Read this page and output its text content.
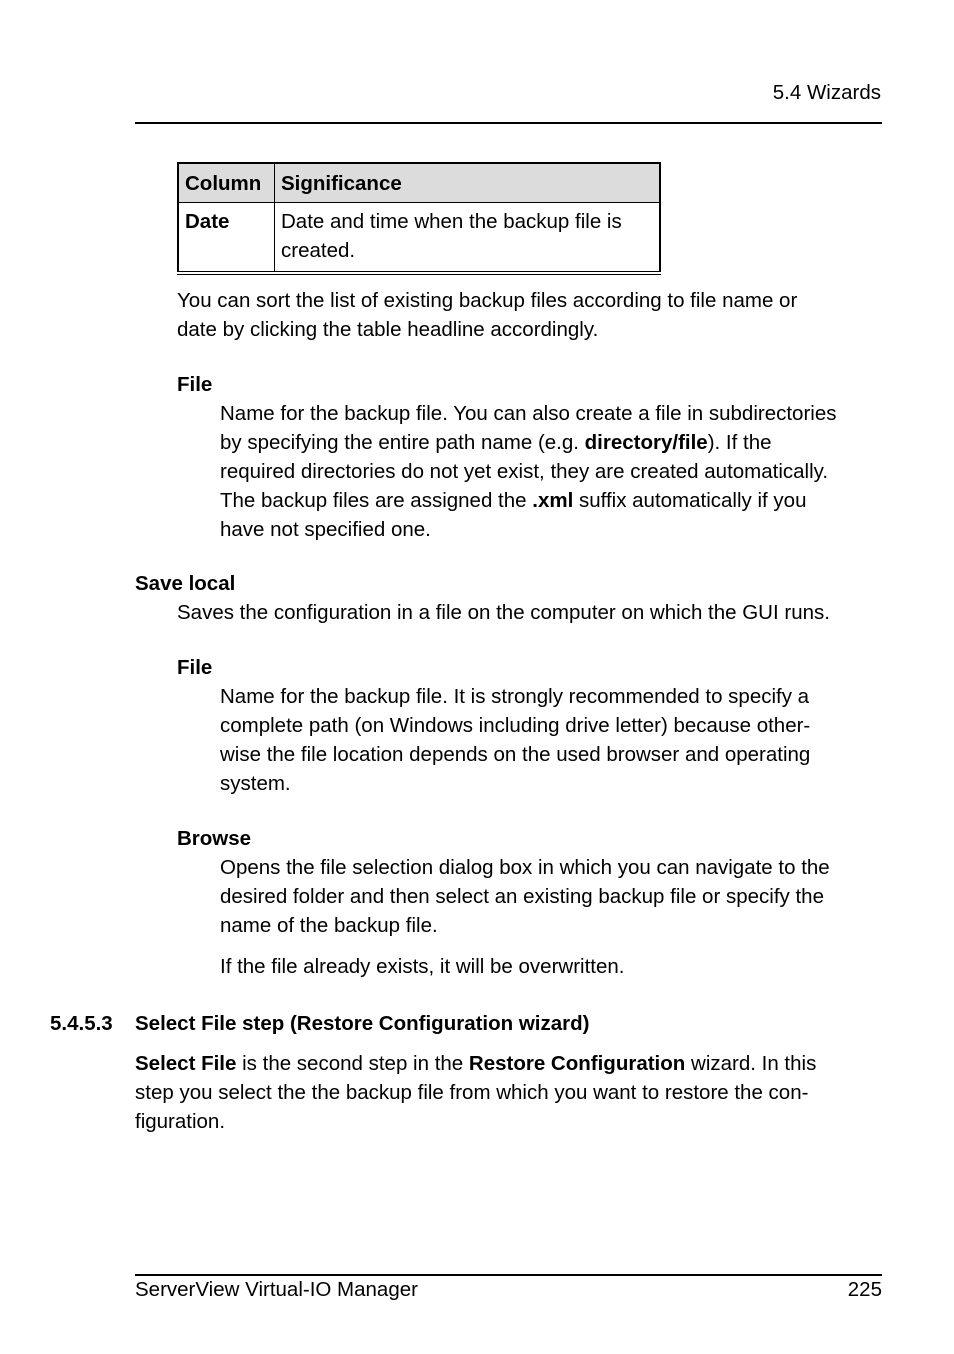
5.4 Wizards
Column	Significance
Date	Date and time when the backup file is
created.
You can sort the list of existing backup files according to file name or
date by clicking the table headline accordingly.
File
Name for the backup file. You can also create a file in subdirectories
by specifying the entire path name (e.g. directory/file). If the
required directories do not yet exist, they are created automatically.
The backup files are assigned the .xml suffix automatically if you
have not specified one.
Save local
Saves the configuration in a file on the computer on which the GUI runs.
File
Name for the backup file. It is strongly recommended to specify a
complete path (on Windows including drive letter) because other-
wise the file location depends on the used browser and operating
system.
Browse
Opens the file selection dialog box in which you can navigate to the
desired folder and then select an existing backup file or specify the
name of the backup file.
If the file already exists, it will be overwritten.
5.4.5.3 Select File step (Restore Configuration wizard)
Select File is the second step in the Restore Configuration wizard. In this
step you select the the backup file from which you want to restore the con-
figuration.
ServerView Virtual-IO Manager	225
